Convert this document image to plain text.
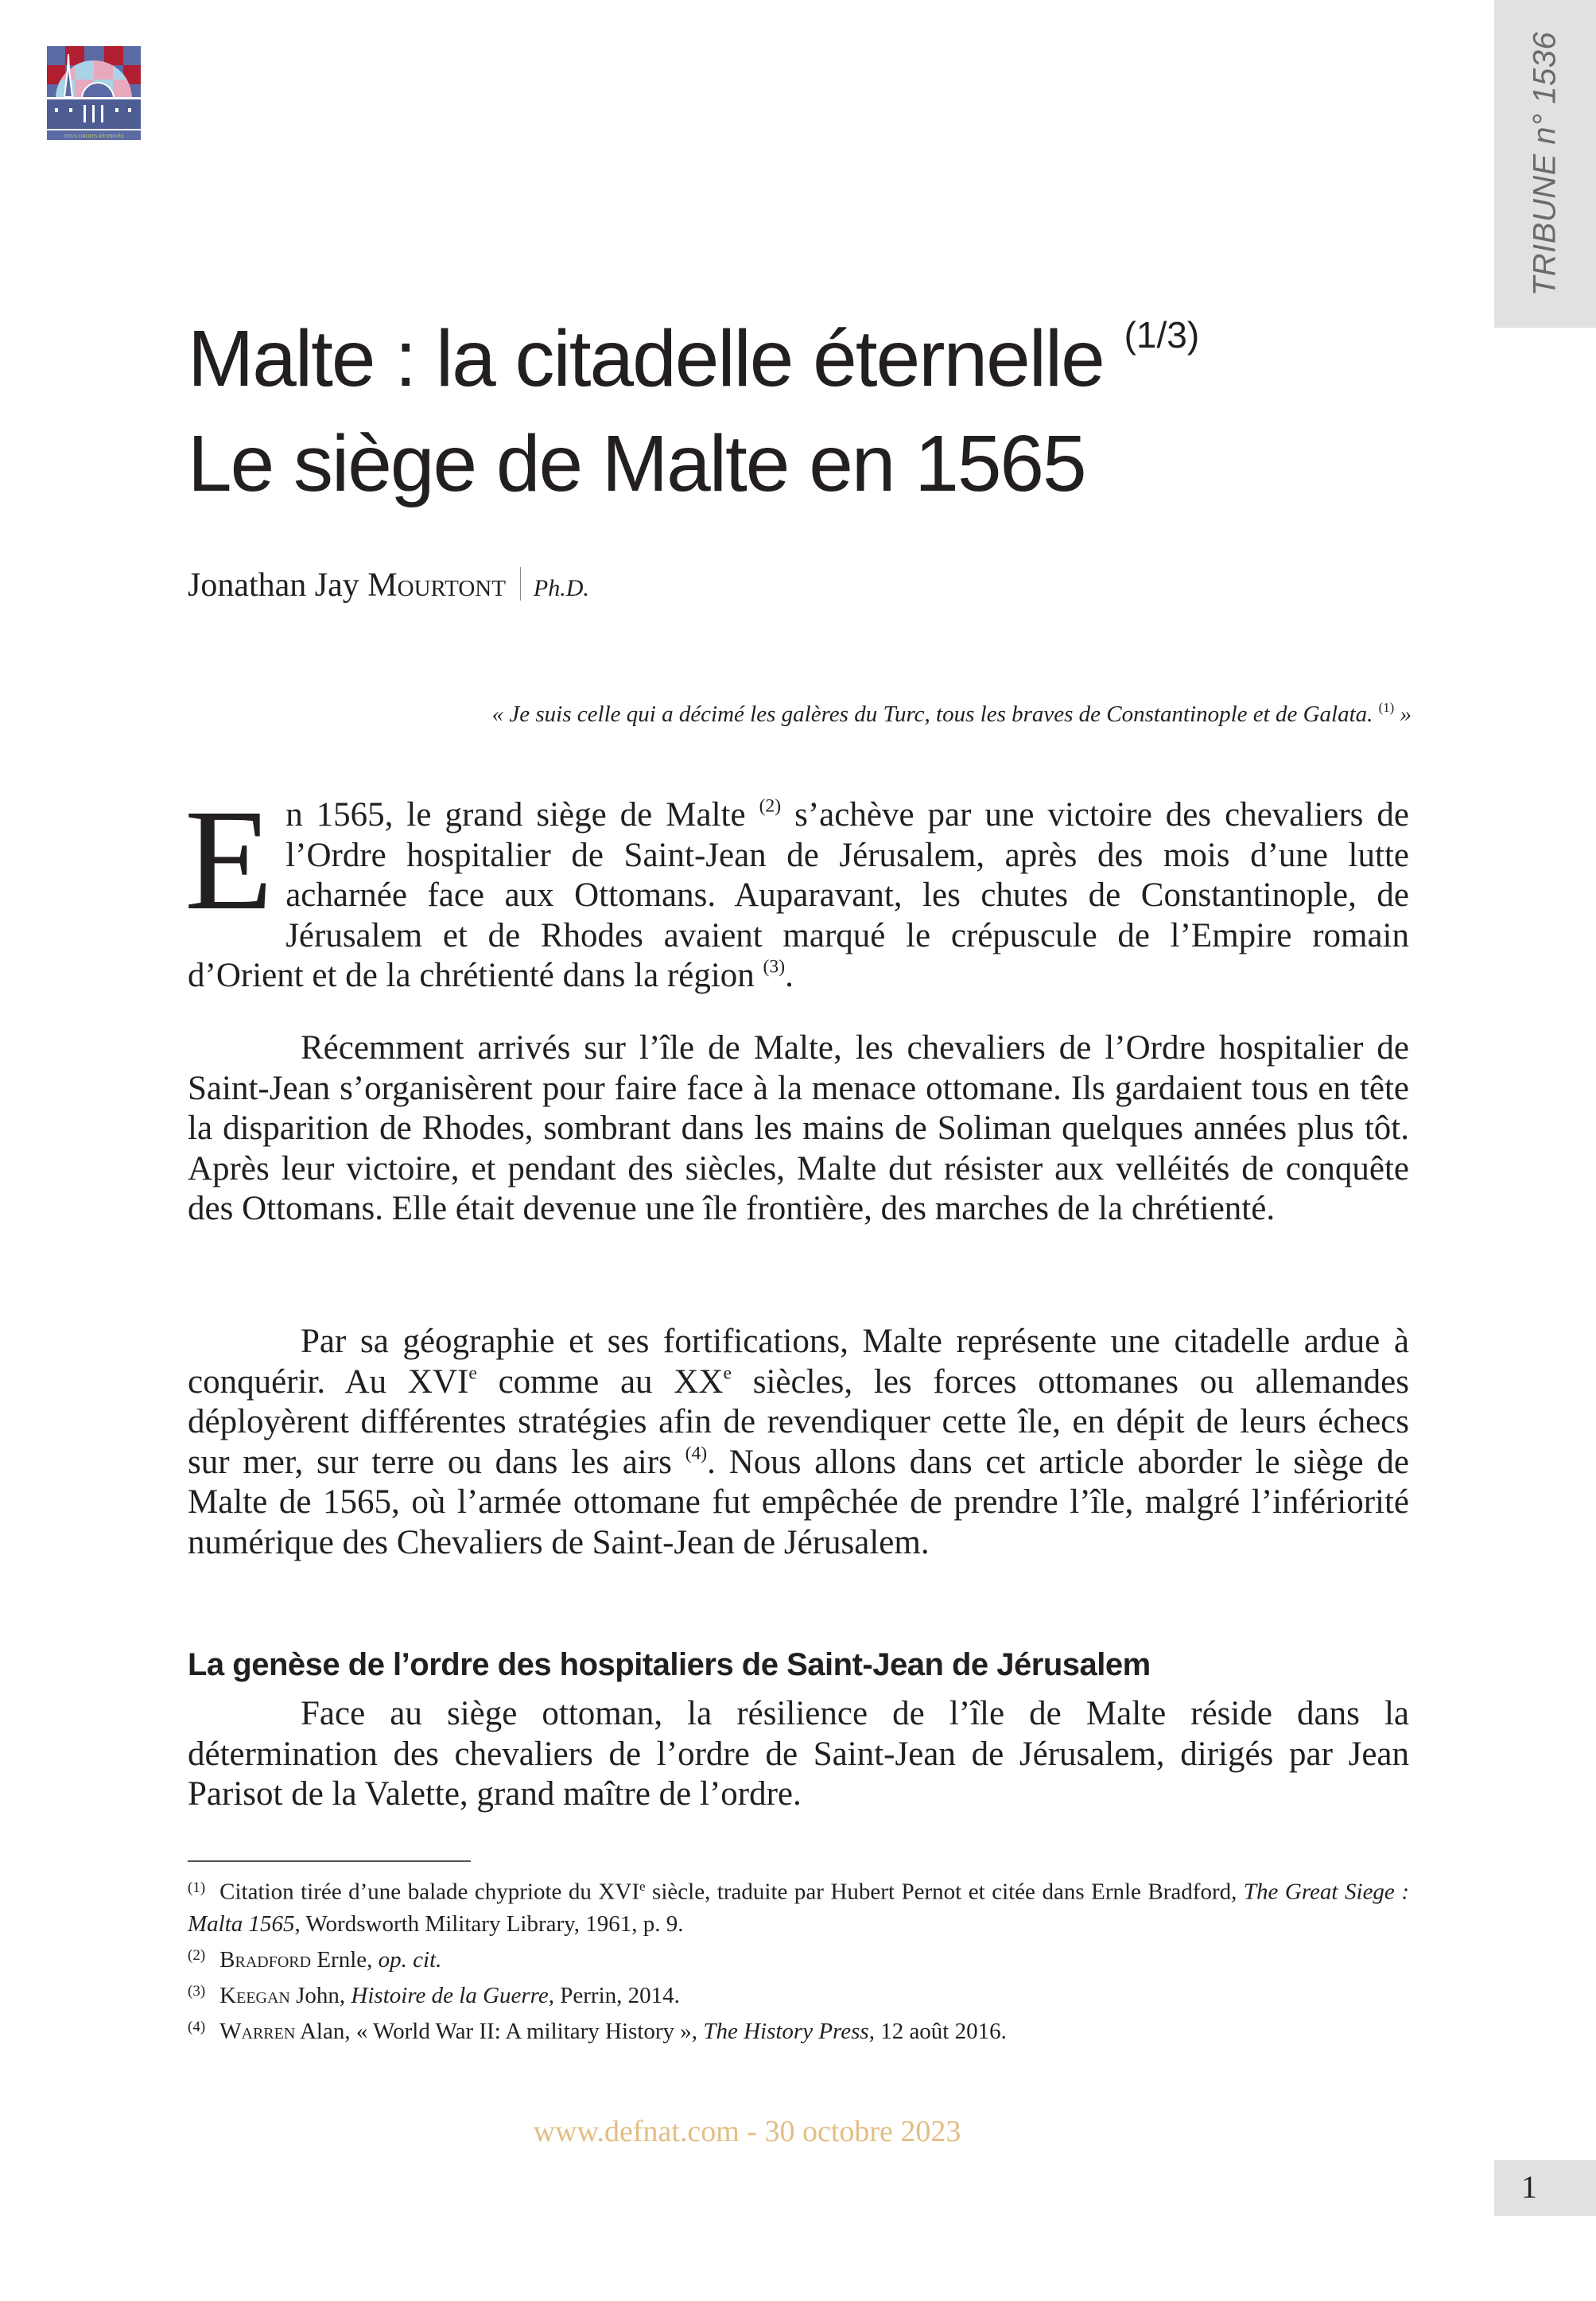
TOUS DROITS RÉSERVÉS	TRIBUNE n° 1536
Malte : la citadelle éternelle $^{(1/3)}$
Le siège de Malte en 1565
Jonathan Jay Mourtont Ph.D.
« Je suis celle qui a décimé les galères du Turc, tous les braves de Constantinople et de Galata. $^{(1)}$ »

En 1565, le grand siège de Malte $^{(2)}$ s’achève par une victoire des chevaliers de l’Ordre hospitalier de Saint-Jean de Jérusalem, après des mois d’une lutte acharnée face aux Ottomans. Auparavant, les chutes de Constantinople, de Jérusalem et de Rhodes avaient marqué le crépuscule de l’Empire romain d’Orient et de la chrétienté dans la région $^{(3)}$.

Récemment arrivés sur l’île de Malte, les chevaliers de l’Ordre hospitalier de Saint-Jean s’organisèrent pour faire face à la menace ottomane. Ils gardaient tous en tête la disparition de Rhodes, sombrant dans les mains de Soliman quelques années plus tôt. Après leur victoire, et pendant des siècles, Malte dut résister aux velléités de conquête des Ottomans. Elle était devenue une île frontière, des marches de la chrétienté.

Par sa géographie et ses fortifications, Malte représente une citadelle ardue à conquérir. Au XVIe comme au XXe siècles, les forces ottomanes ou allemandes déployèrent différentes stratégies afin de revendiquer cette île, en dépit de leurs échecs sur mer, sur terre ou dans les airs $^{(4)}$. Nous allons dans cet article aborder le siège de Malte de 1565, où l’armée ottomane fut empêchée de prendre l’île, malgré l’infériorité numérique des Chevaliers de Saint-Jean de Jérusalem.

La genèse de l’ordre des hospitaliers de Saint-Jean de Jérusalem

Face au siège ottoman, la résilience de l’île de Malte réside dans la détermination des chevaliers de l’ordre de Saint-Jean de Jérusalem, dirigés par Jean Parisot de la Valette, grand maître de l’ordre.

$^{(1)}$ Citation tirée d’une balade chypriote du XVIe siècle, traduite par Hubert Pernot et citée dans Ernle Bradford, The Great Siege : Malta 1565, Wordsworth Military Library, 1961, p. 9.
$^{(2)}$ Bradford Ernle, op. cit.
$^{(3)}$ Keegan John, Histoire de la Guerre, Perrin, 2014.
$^{(4)}$ Warren Alan, « World War II: A military History », The History Press, 12 août 2016.
www.defnat.com - 30 octobre 2023
1
